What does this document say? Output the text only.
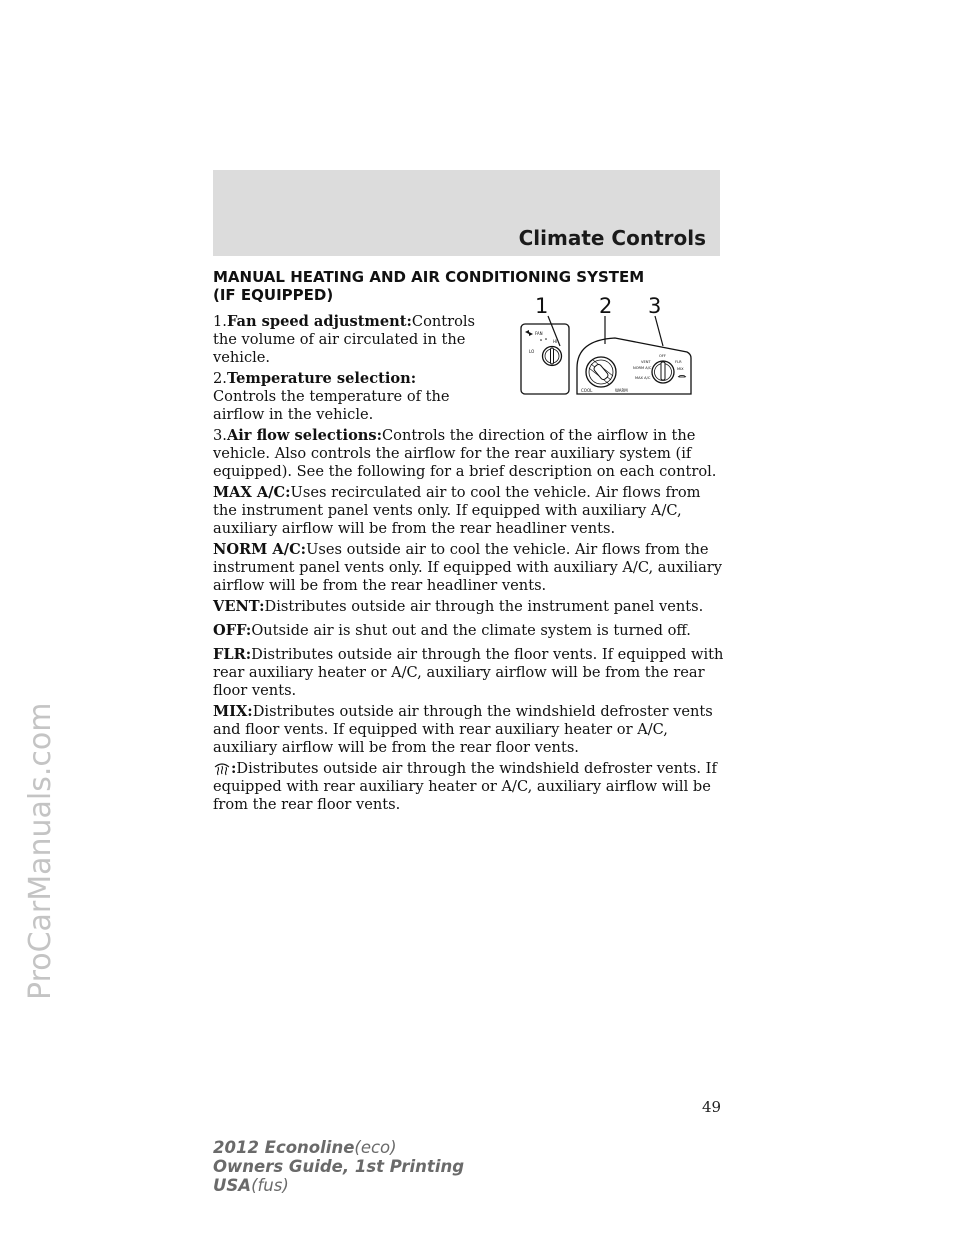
ProCarManuals.com
Climate Controls
MANUAL HEATING AND AIR CONDITIONING SYSTEM
(IF EQUIPPED)	1 2 3
FAN
HI
LO
COOL	WARM
OFF
VENT	FLR
NORM A/C	MIX
MAX A/C

1.Fan speed adjustment:Controls the volume of air circulated in the vehicle.

2.Temperature selection:
Controls the temperature of the airflow in the vehicle.

3.Air flow selections:Controls the direction of the airflow in the vehicle. Also controls the airflow for the rear auxiliary system (if equipped). See the following for a brief description on each control.

MAX A/C:Uses recirculated air to cool the vehicle. Air flows from the instrument panel vents only. If equipped with auxiliary A/C, auxiliary airflow will be from the rear headliner vents.

NORM A/C:Uses outside air to cool the vehicle. Air flows from the instrument panel vents only. If equipped with auxiliary A/C, auxiliary airflow will be from the rear headliner vents.

VENT:Distributes outside air through the instrument panel vents.

OFF:Outside air is shut out and the climate system is turned off.

FLR:Distributes outside air through the floor vents. If equipped with rear auxiliary heater or A/C, auxiliary airflow will be from the rear floor vents.

MIX:Distributes outside air through the windshield defroster vents and floor vents. If equipped with rear auxiliary heater or A/C, auxiliary airflow will be from the rear floor vents.

:Distributes outside air through the windshield defroster vents. If equipped with rear auxiliary heater or A/C, auxiliary airflow will be from the rear floor vents.

49
2012 Econoline(eco)
Owners Guide, 1st Printing
USA(fus)
